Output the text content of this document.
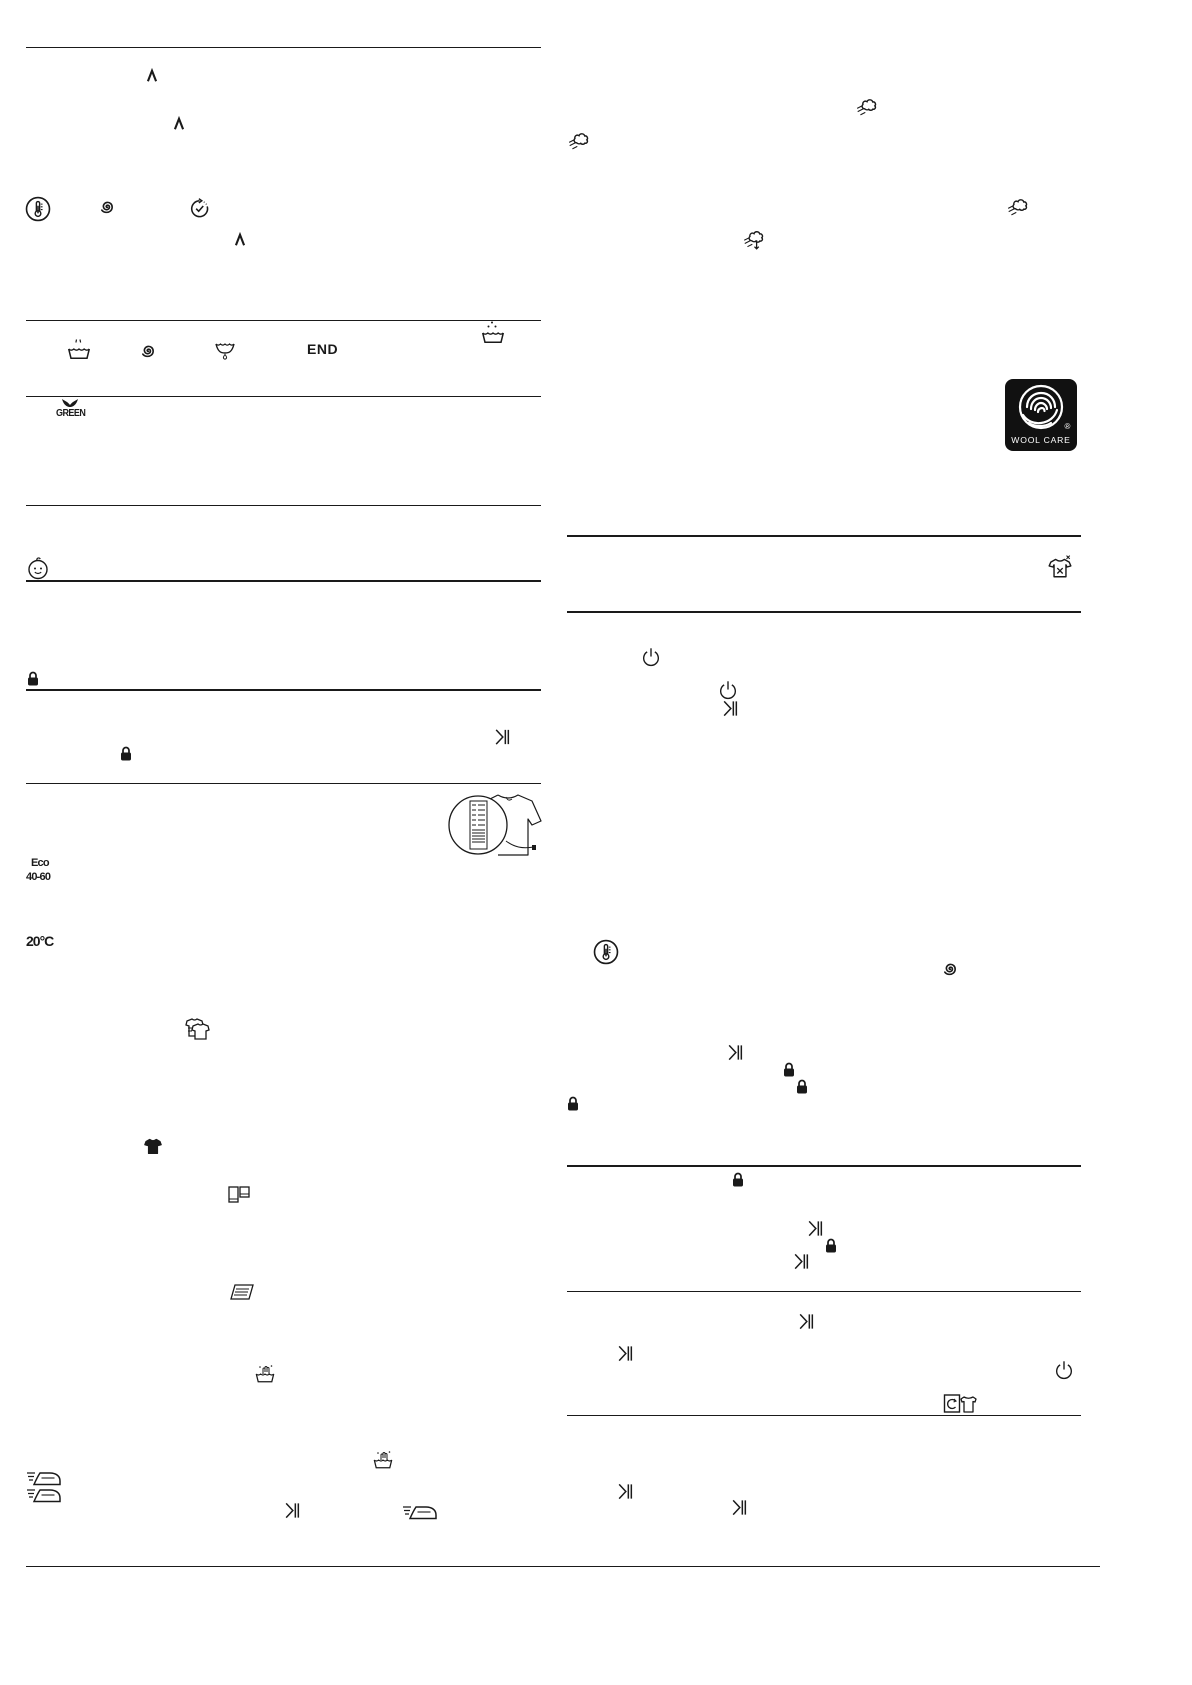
END
GREEN
Eco
40-60
20°C
WOOL CARE
®
